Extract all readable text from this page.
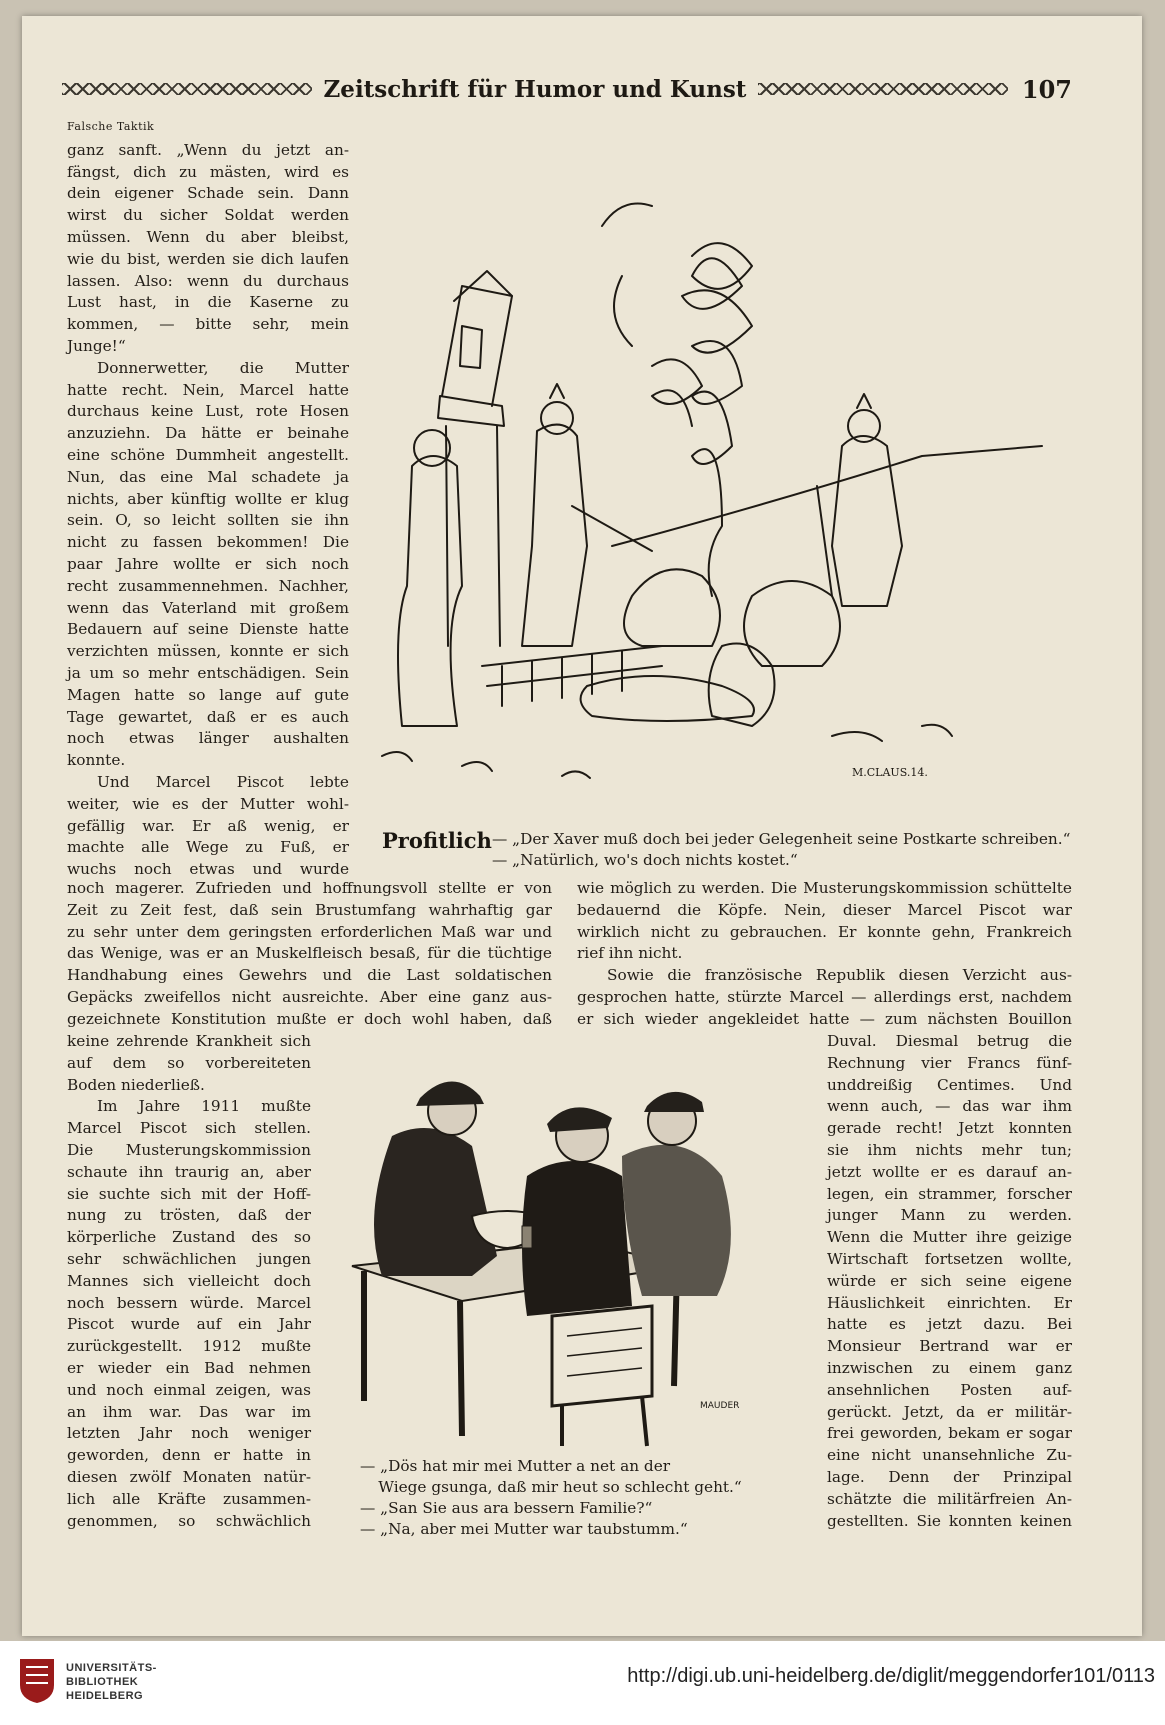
Zeitschrift für Humor und Kunst	107
Falsche Taktik

ganz sanft. „Wenn du jetzt an-

fängst, dich zu mästen, wird es

dein eigener Schade sein. Dann

wirst du sicher Soldat werden

müssen. Wenn du aber bleibst,

wie du bist, werden sie dich laufen

lassen. Also: wenn du durchaus

Lust hast, in die Kaserne zu

kommen, — bitte sehr, mein

Junge!“

Donnerwetter, die Mutter

hatte recht. Nein, Marcel hatte

durchaus keine Lust, rote Hosen

anzuziehn. Da hätte er beinahe

eine schöne Dummheit angestellt.

Nun, das eine Mal schadete ja

nichts, aber künftig wollte er klug

sein. O, so leicht sollten sie ihn

nicht zu fassen bekommen! Die

paar Jahre wollte er sich noch

recht zusammennehmen. Nachher,

wenn das Vaterland mit großem

Bedauern auf seine Dienste hatte

verzichten müssen, konnte er sich

ja um so mehr entschädigen. Sein

Magen hatte so lange auf gute

Tage gewartet, daß er es auch

noch etwas länger aushalten

konnte.

Und Marcel Piscot lebte

weiter, wie es der Mutter wohl-

gefällig war. Er aß wenig, er

machte alle Wege zu Fuß, er

wuchs noch etwas und wurde

M.CLAUS.14.
Profitlich — „Der Xaver muß doch bei jeder Gelegenheit seine Postkarte schreiben.“
— „Natürlich, wo's doch nichts kostet.“

noch magerer. Zufrieden und hoffnungsvoll stellte er von

Zeit zu Zeit fest, daß sein Brustumfang wahrhaftig gar

zu sehr unter dem geringsten erforderlichen Maß war und

das Wenige, was er an Muskelfleisch besaß, für die tüchtige

Handhabung eines Gewehrs und die Last soldatischen

Gepäcks zweifellos nicht ausreichte. Aber eine ganz aus-

gezeichnete Konstitution mußte er doch wohl haben, daß

wie möglich zu werden. Die Musterungskommission schüttelte

bedauernd die Köpfe. Nein, dieser Marcel Piscot war

wirklich nicht zu gebrauchen. Er konnte gehn, Frankreich

rief ihn nicht.

Sowie die französische Republik diesen Verzicht aus-

gesprochen hatte, stürzte Marcel — allerdings erst, nachdem

er sich wieder angekleidet hatte — zum nächsten Bouillon

keine zehrende Krankheit sich

auf dem so vorbereiteten

Boden niederließ.

Im Jahre 1911 mußte

Marcel Piscot sich stellen.

Die Musterungskommission

schaute ihn traurig an, aber

sie suchte sich mit der Hoff-

nung zu trösten, daß der

körperliche Zustand des so

sehr schwächlichen jungen

Mannes sich vielleicht doch

noch bessern würde. Marcel

Piscot wurde auf ein Jahr

zurückgestellt. 1912 mußte

er wieder ein Bad nehmen

und noch einmal zeigen, was

an ihm war. Das war im

letzten Jahr noch weniger

geworden, denn er hatte in

diesen zwölf Monaten natür-

lich alle Kräfte zusammen-

genommen, so schwächlich

MAUDER
— „Dös hat mir mei Mutter a net an der
Wiege gsunga, daß mir heut so schlecht geht.“
— „San Sie aus ara bessern Familie?“
— „Na, aber mei Mutter war taubstumm.“

Duval. Diesmal betrug die

Rechnung vier Francs fünf-

unddreißig Centimes. Und

wenn auch, — das war ihm

gerade recht! Jetzt konnten

sie ihm nichts mehr tun;

jetzt wollte er es darauf an-

legen, ein strammer, forscher

junger Mann zu werden.

Wenn die Mutter ihre geizige

Wirtschaft fortsetzen wollte,

würde er sich seine eigene

Häuslichkeit einrichten. Er

hatte es jetzt dazu. Bei

Monsieur Bertrand war er

inzwischen zu einem ganz

ansehnlichen Posten auf-

gerückt. Jetzt, da er militär-

frei geworden, bekam er sogar

eine nicht unansehnliche Zu-

lage. Denn der Prinzipal

schätzte die militärfreien An-

gestellten. Sie konnten keinen

UNIVERSITÄTS-
BIBLIOTHEK
HEIDELBERG
http://digi.ub.uni-heidelberg.de/diglit/meggendorfer101/0113
